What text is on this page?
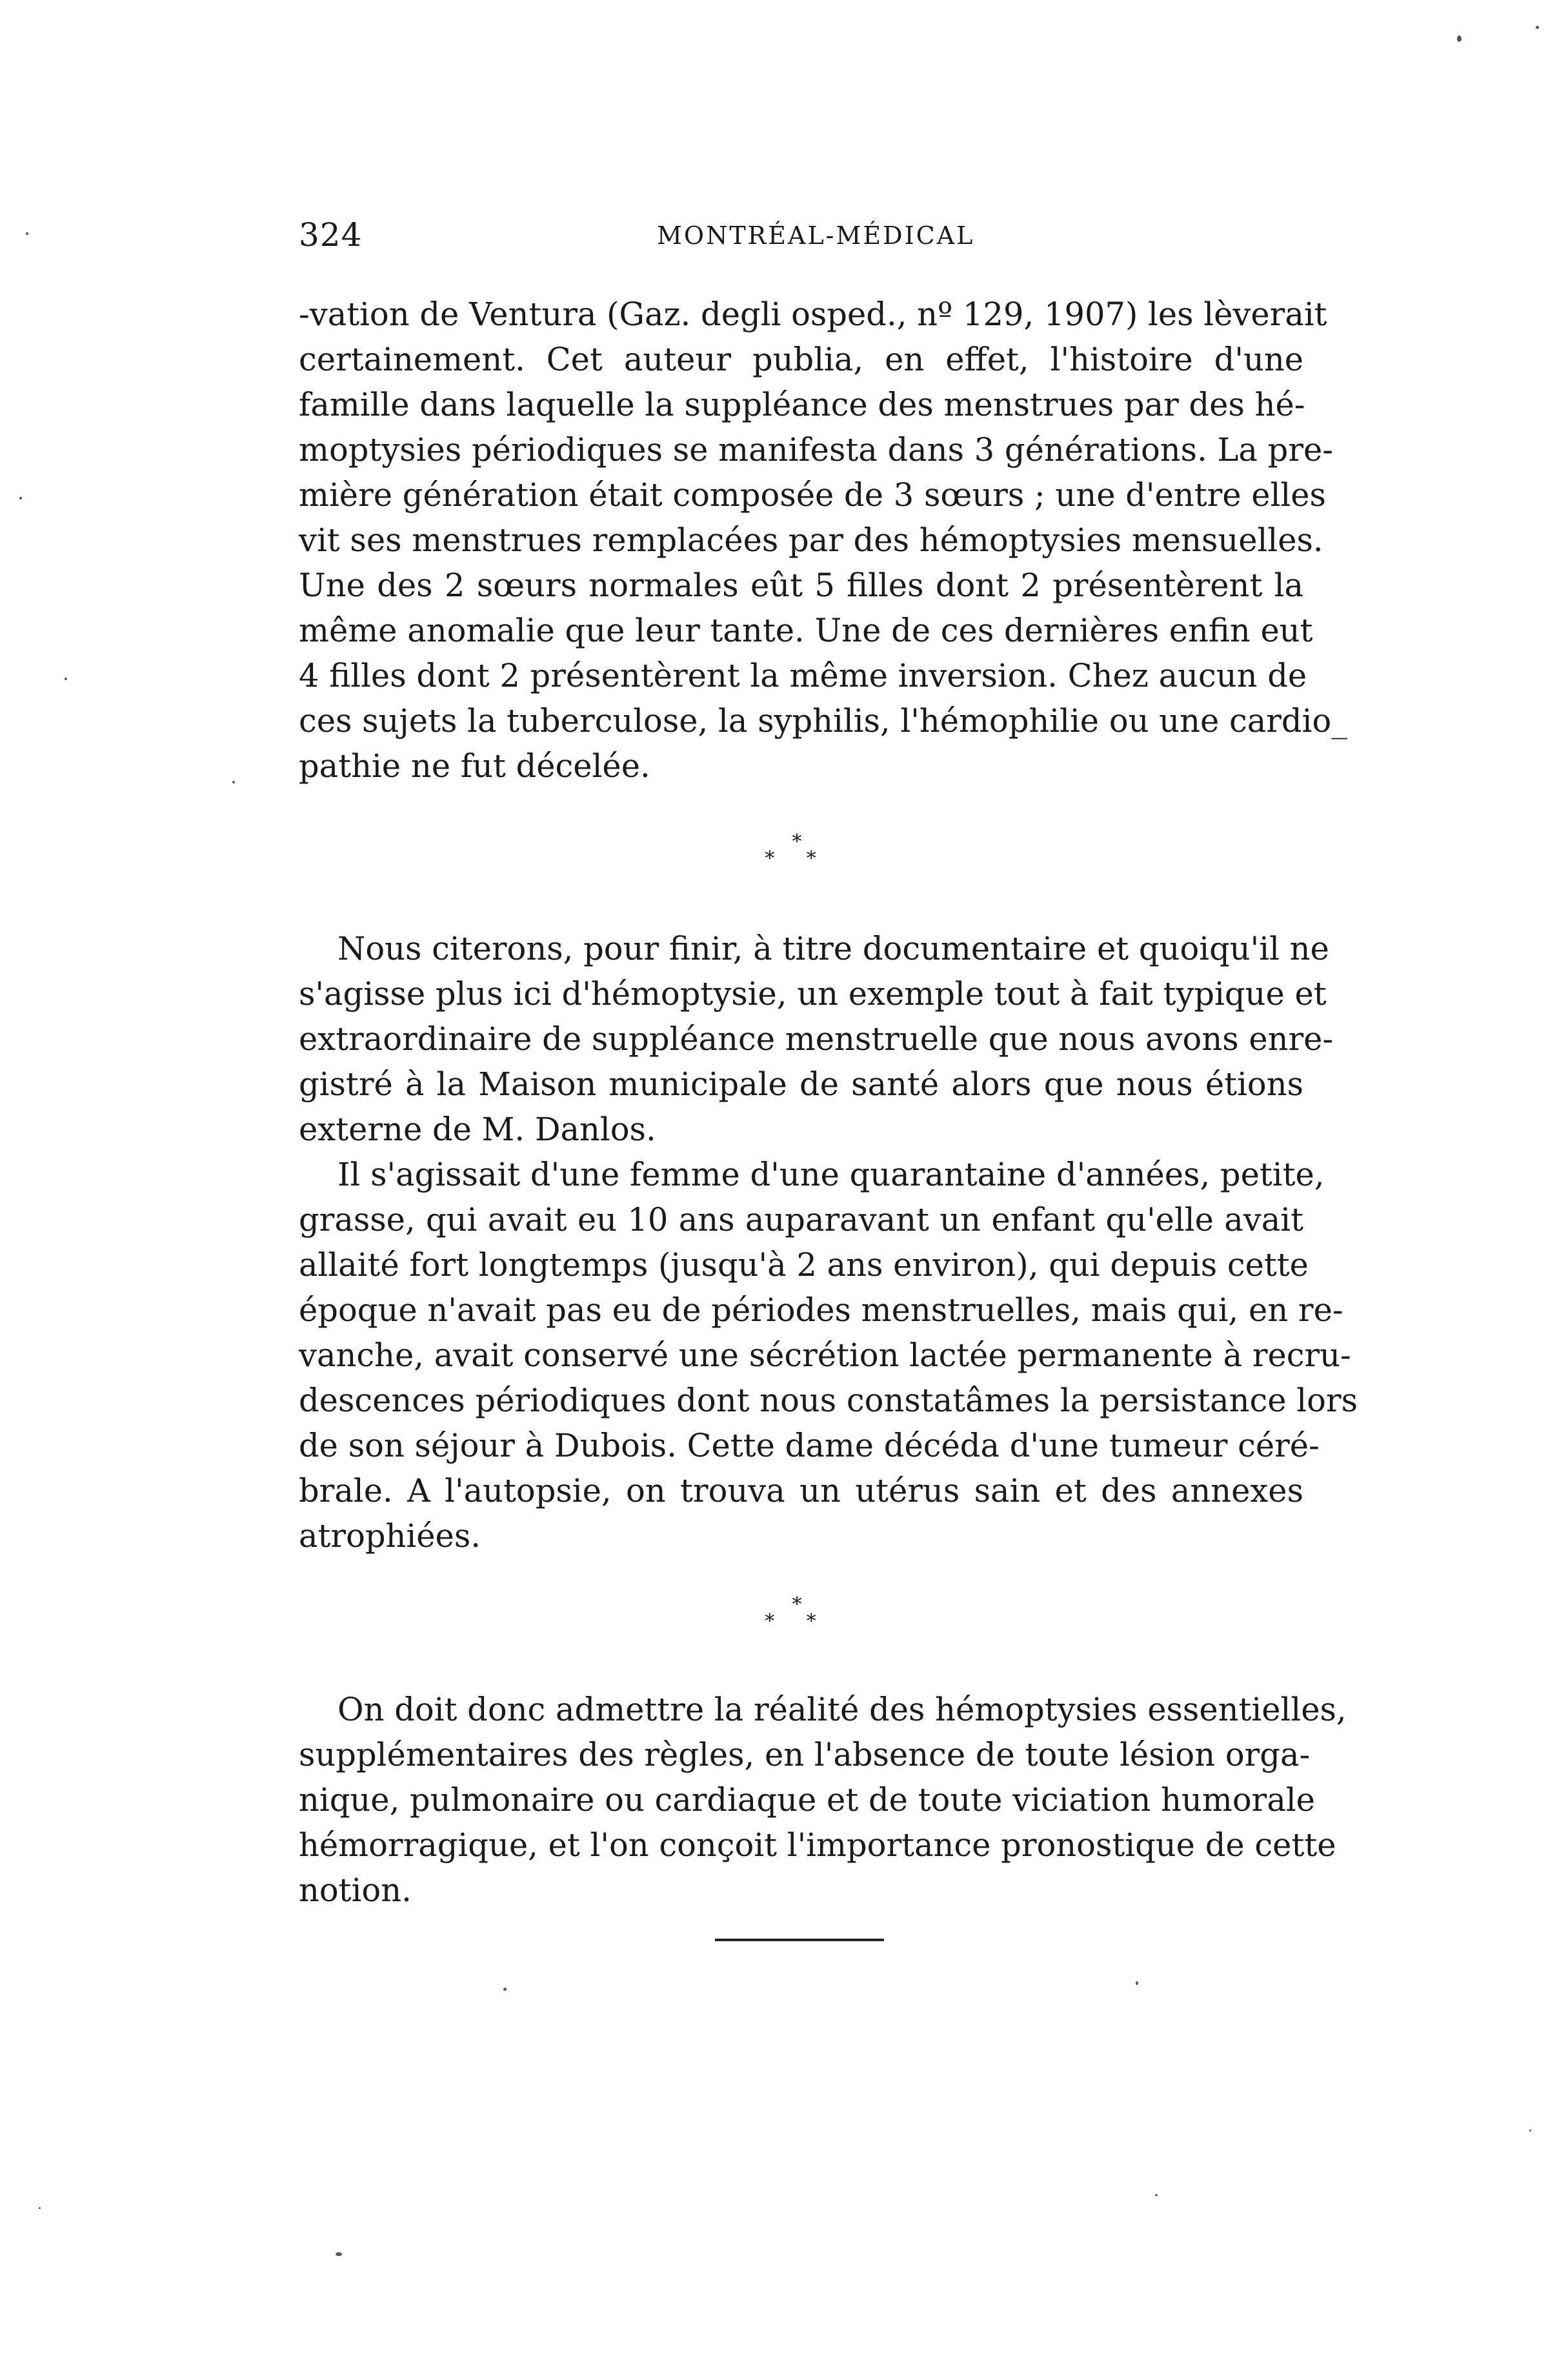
324	MONTRÉAL-MÉDICAL

-vation de Ventura (Gaz. degli osped., nº 129, 1907) les lèverait
certainement. Cet auteur publia, en effet, l'histoire d'une
famille dans laquelle la suppléance des menstrues par des hé-
moptysies périodiques se manifesta dans 3 générations. La pre-
mière génération était composée de 3 sœurs ; une d'entre elles
vit ses menstrues remplacées par des hémoptysies mensuelles.
Une des 2 sœurs normales eût 5 filles dont 2 présentèrent la
même anomalie que leur tante. Une de ces dernières enfin eut
4 filles dont 2 présentèrent la même inversion. Chez aucun de
ces sujets la tuberculose, la syphilis, l'hémophilie ou une cardio_
pathie ne fut décelée.

*
* *

Nous citerons, pour finir, à titre documentaire et quoiqu'il ne
s'agisse plus ici d'hémoptysie, un exemple tout à fait typique et
extraordinaire de suppléance menstruelle que nous avons enre-
gistré à la Maison municipale de santé alors que nous étions
externe de M. Danlos.

Il s'agissait d'une femme d'une quarantaine d'années, petite,
grasse, qui avait eu 10 ans auparavant un enfant qu'elle avait
allaité fort longtemps (jusqu'à 2 ans environ), qui depuis cette
époque n'avait pas eu de périodes menstruelles, mais qui, en re-
vanche, avait conservé une sécrétion lactée permanente à recru-
descences périodiques dont nous constatâmes la persistance lors
de son séjour à Dubois. Cette dame décéda d'une tumeur céré-
brale. A l'autopsie, on trouva un utérus sain et des annexes
atrophiées.

*
* *

On doit donc admettre la réalité des hémoptysies essentielles,
supplémentaires des règles, en l'absence de toute lésion orga-
nique, pulmonaire ou cardiaque et de toute viciation humorale
hémorragique, et l'on conçoit l'importance pronostique de cette
notion.
